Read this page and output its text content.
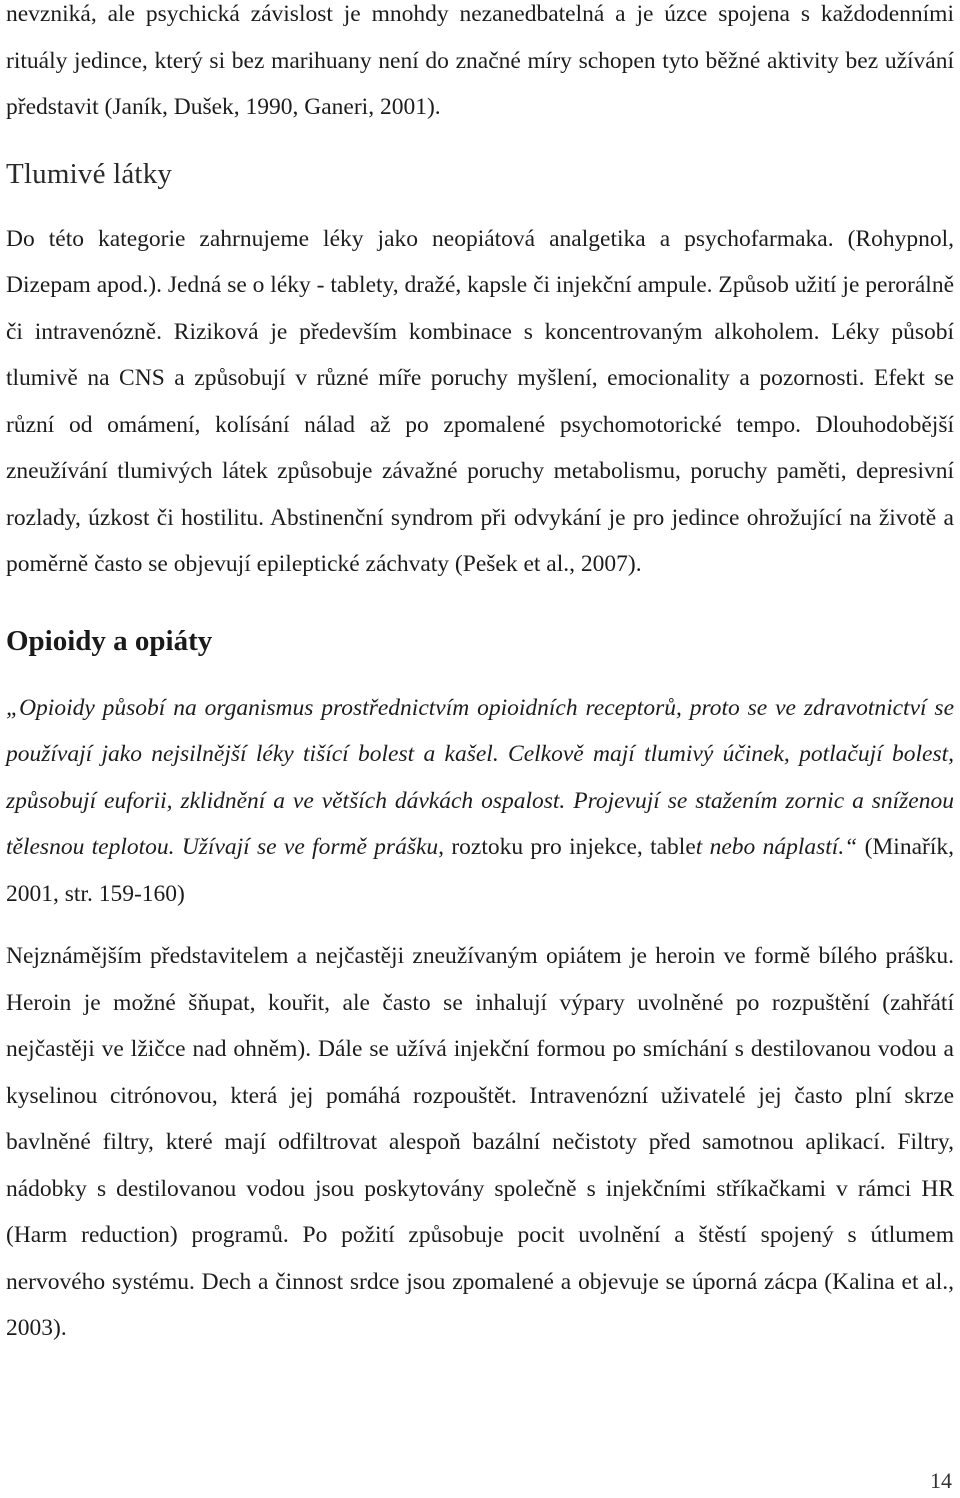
nevzniká, ale psychická závislost je mnohdy nezanedbatelná a je úzce spojena s každodenními rituály jedince, který si bez marihuany není do značné míry schopen tyto běžné aktivity bez užívání představit (Janík, Dušek, 1990, Ganeri, 2001).

Tlumivé látky

Do této kategorie zahrnujeme léky jako neopiátová analgetika a psychofarmaka. (Rohypnol, Dizepam apod.). Jedná se o léky - tablety, dražé, kapsle či injekční ampule. Způsob užití je perorálně či intravenózně. Riziková je především kombinace s koncentrovaným alkoholem. Léky působí tlumivě na CNS a způsobují v různé míře poruchy myšlení, emocionality a pozornosti. Efekt se různí od omámení, kolísání nálad až po zpomalené psychomotorické tempo. Dlouhodobější zneužívání tlumivých látek způsobuje závažné poruchy metabolismu, poruchy paměti, depresivní rozlady, úzkost či hostilitu. Abstinenční syndrom při odvykání je pro jedince ohrožující na životě a poměrně často se objevují epileptické záchvaty (Pešek et al., 2007).

Opioidy a opiáty

„Opioidy působí na organismus prostřednictvím opioidních receptorů, proto se ve zdravotnictví se používají jako nejsilnější léky tišící bolest a kašel. Celkově mají tlumivý účinek, potlačují bolest, způsobují euforii, zklidnění a ve větších dávkách ospalost. Projevují se stažením zornic a sníženou tělesnou teplotou. Užívají se ve formě prášku, roztoku pro injekce, tablet nebo náplastí.“ (Minařík, 2001, str. 159-160)

Nejznámějším představitelem a nejčastěji zneužívaným opiátem je heroin ve formě bílého prášku. Heroin je možné šňupat, kouřit, ale často se inhalují výpary uvolněné po rozpuštění (zahřátí nejčastěji ve lžičce nad ohněm). Dále se užívá injekční formou po smíchání s destilovanou vodou a kyselinou citrónovou, která jej pomáhá rozpouštět. Intravenózní uživatelé jej často plní skrze bavlněné filtry, které mají odfiltrovat alespoň bazální nečistoty před samotnou aplikací. Filtry, nádobky s destilovanou vodou jsou poskytovány společně s injekčními stříkačkami v rámci HR (Harm reduction) programů. Po požití způsobuje pocit uvolnění a štěstí spojený s útlumem nervového systému. Dech a činnost srdce jsou zpomalené a objevuje se úporná zácpa (Kalina et al., 2003).

14
